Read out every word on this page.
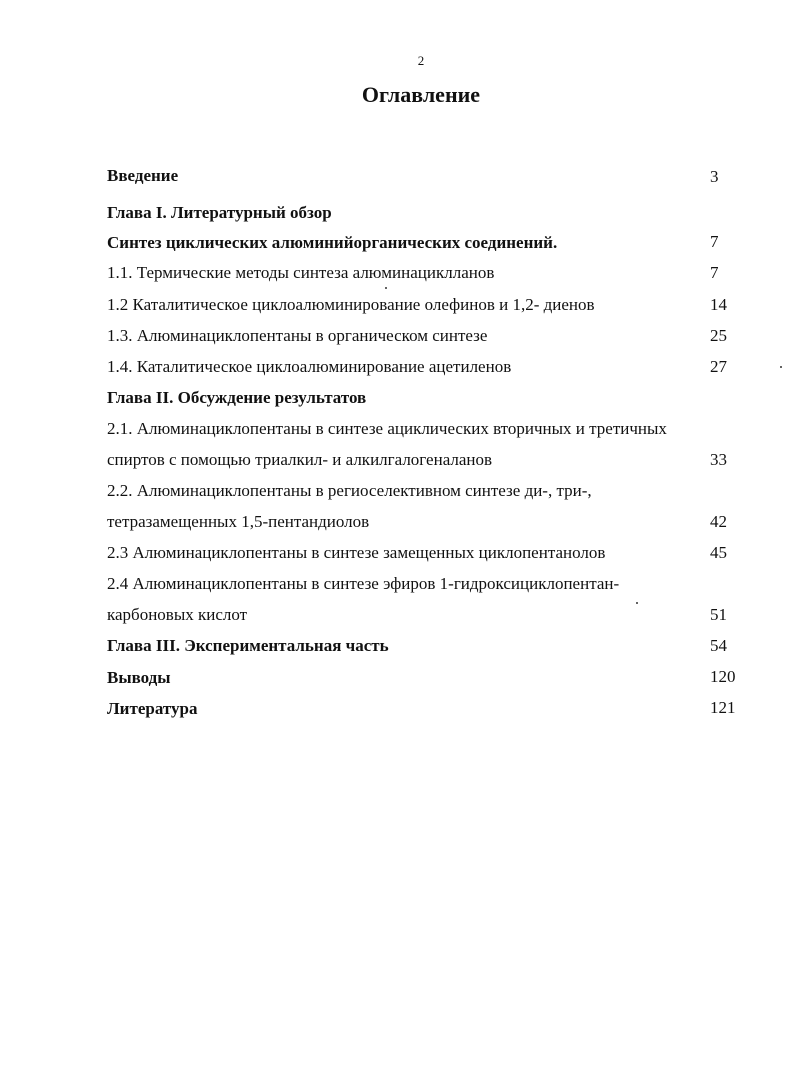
2
Оглавление
Введение	3
Глава I. Литературный обзор
Синтез циклических алюминийорганических соединений.	7
1.1. Термические методы синтеза алюминациклланов	7
1.2 Каталитическое циклоалюминирование олефинов и 1,2- диенов	14
1.3. Алюминациклопентаны в органическом синтезе	25
1.4. Каталитическое циклоалюминирование ацетиленов	27
Глава II. Обсуждение результатов
2.1. Алюминациклопентаны в синтезе ациклических вторичных и третичных
спиртов с помощью триалкил- и алкилгалогеналанов	33
2.2. Алюминациклопентаны в региоселективном синтезе ди-, три-,
тетразамещенных 1,5-пентандиолов	42
2.3 Алюминациклопентаны в синтезе замещенных циклопентанолов	45
2.4 Алюминациклопентаны в синтезе эфиров 1-гидроксициклопентан-
карбоновых кислот	51
Глава III. Экспериментальная часть	54
Выводы	120
Литература	121
